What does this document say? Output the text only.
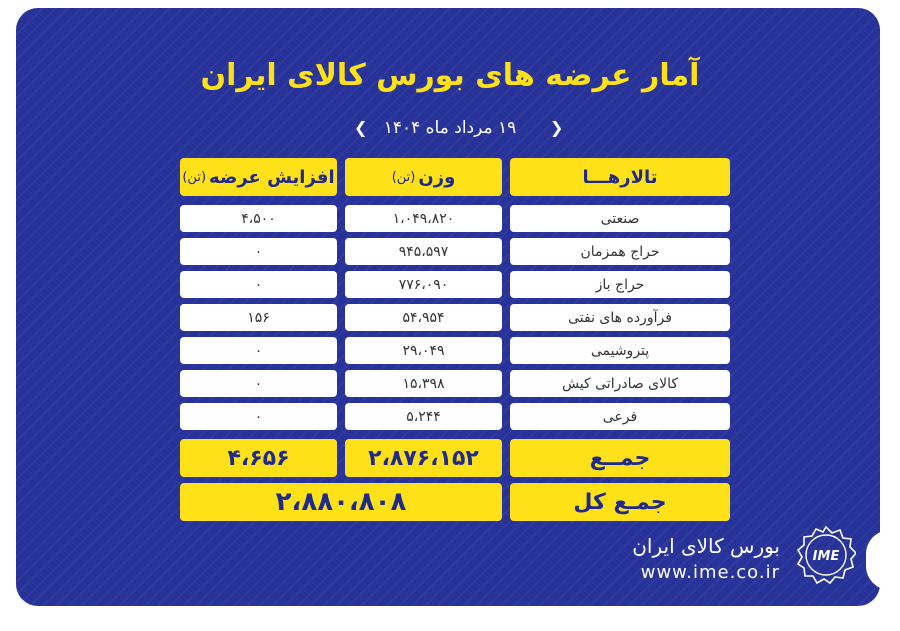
آمار عرضه های بورس کالای ایران
❮ ۱۹ مرداد ماه ۱۴۰۴	❯
تالارهـــا
وزن
(تن)
افزایش عرضه
(تن)
صنعتی
۱،۰۴۹،۸۲۰
۴،۵۰۰
حراج همزمان
۹۴۵،۵۹۷
۰
حراج باز
۷۷۶،۰۹۰
۰
فرآورده های نفتی
۵۴،۹۵۴
۱۵۶
پتروشیمی
۲۹،۰۴۹
۰
کالای صادراتی کیش
۱۵،۳۹۸
۰
فرعی
۵،۲۴۴
۰
جمــع
۲،۸۷۶،۱۵۲
۴،۶۵۶
جمـع کل
۲،۸۸۰،۸۰۸
بورس کالای ایران
www.ime.co.ir
IME
